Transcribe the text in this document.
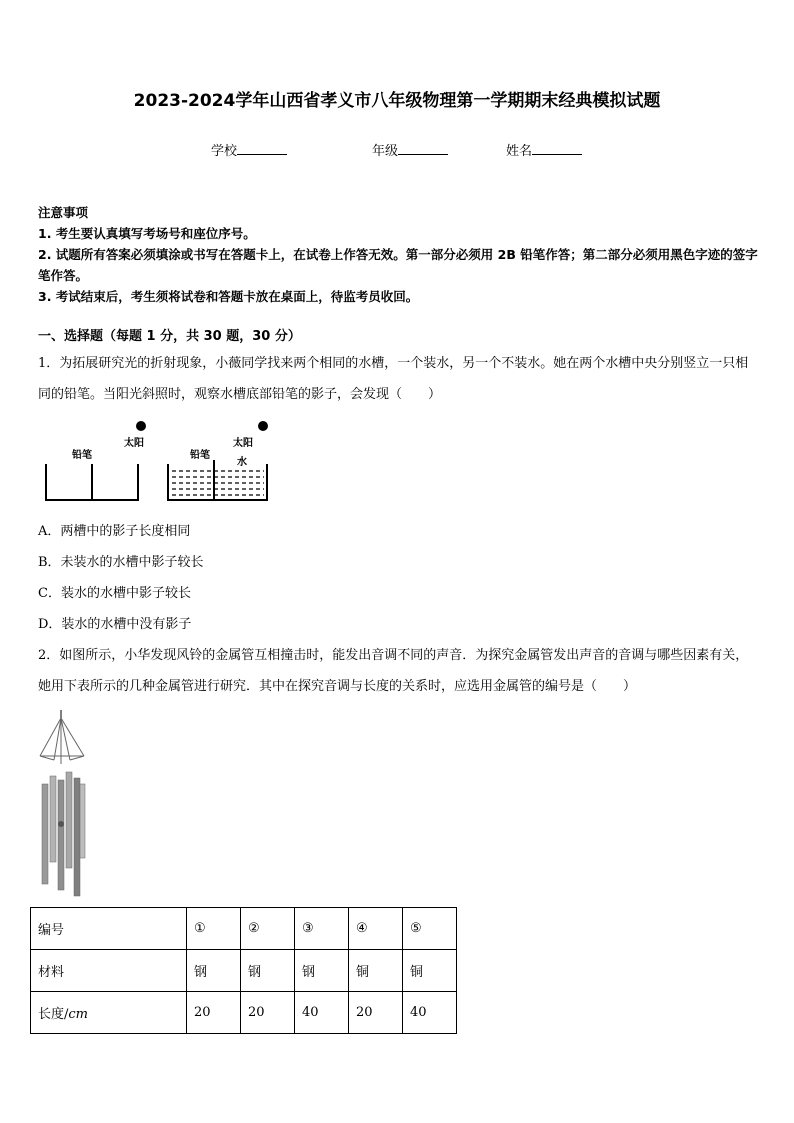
2023-2024学年山西省孝义市八年级物理第一学期期末经典模拟试题
学校	年级	姓名
注意事项
1. 考生要认真填写考场号和座位序号。
2. 试题所有答案必须填涂或书写在答题卡上，在试卷上作答无效。第一部分必须用 2B 铅笔作答；第二部分必须用黑色字迹的签字笔作答。
3. 考试结束后，考生须将试卷和答题卡放在桌面上，待监考员收回。
一、选择题（每题 1 分，共 30 题，30 分）
1．为拓展研究光的折射现象，小薇同学找来两个相同的水槽，一个装水，另一个不装水。她在两个水槽中央分别竖立一只相同的铅笔。当阳光斜照时，观察水槽底部铅笔的影子，会发现（　　）
铅笔
太阳
铅笔
太阳
水
A．两槽中的影子长度相同
B．未装水的水槽中影子较长
C．装水的水槽中影子较长
D．装水的水槽中没有影子
2．如图所示，小华发现风铃的金属管互相撞击时，能发出音调不同的声音．为探究金属管发出声音的音调与哪些因素有关，她用下表所示的几种金属管进行研究．其中在探究音调与长度的关系时，应选用金属管的编号是（　　）
编号	①	②	③	④	⑤
材料	钢	钢	钢	铜	铜
长度/cm	20	20	40	20	40
